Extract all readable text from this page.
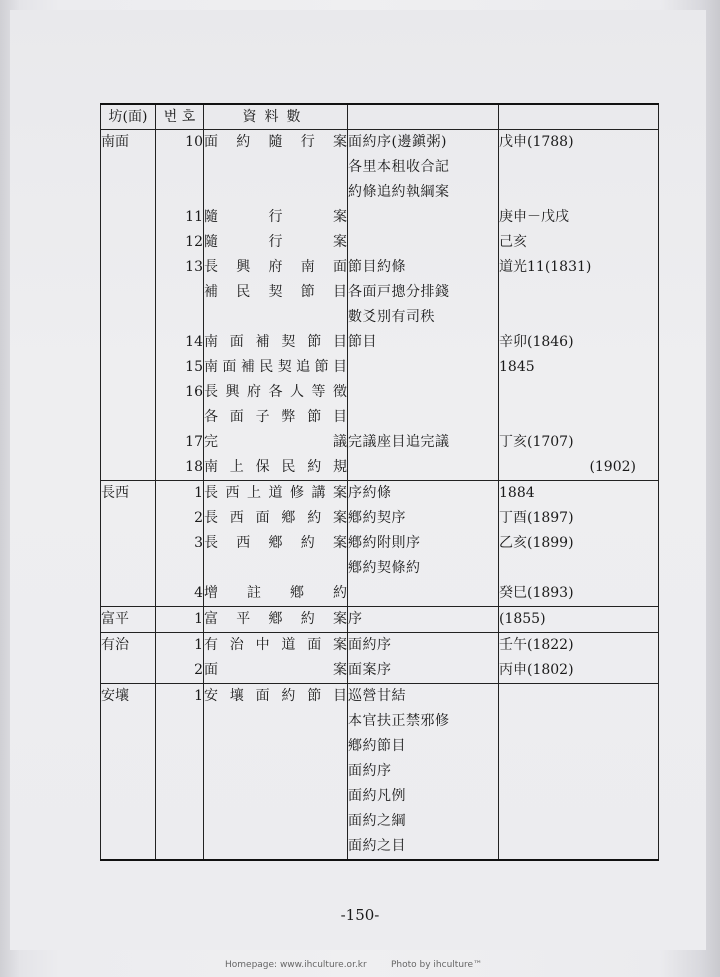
坊(面)	번 호	資料數		
南面	10	面約隨行案	面約序(邊鎭粥)	戊申(1788)
			各里本租收合記	
			約條追約執綱案	
	11	隨行案		庚申－戊戌
	12	隨行案		己亥
	13	長興府南面	節目約條	道光11(1831)
		補民契節目	各面戸摠分排錢	
			數爻別有司秩	
	14	南面補契節目	節目	辛卯(1846)
	15	南面補民契追節目		1845
	16	長興府各人等徵		
		各面子弊節目		
	17	完議	完議座目追完議	丁亥(1707)
	18	南上保民約規		(1902)
長西	1	長西上道修講案	序約條	1884
	2	長西面鄕約案	鄕約契序	丁酉(1897)
	3	長西鄕約案	鄕約附則序	乙亥(1899)
			鄕約契條約	
	4	增註鄕約		癸巳(1893)
富平	1	富平鄕約案	序	(1855)
有治	1	有治中道面案	面約序	壬午(1822)
	2	面案	面案序	丙申(1802)
安壤	1	安壤面約節目	巡營甘結	
			本官扶正禁邪修	
			鄕約節目	
			面約序	
			面約凡例	
			面約之綱	
			面約之目	
-150-
Homepage: www.ihculture.or.kr	Photo by ihculture™
